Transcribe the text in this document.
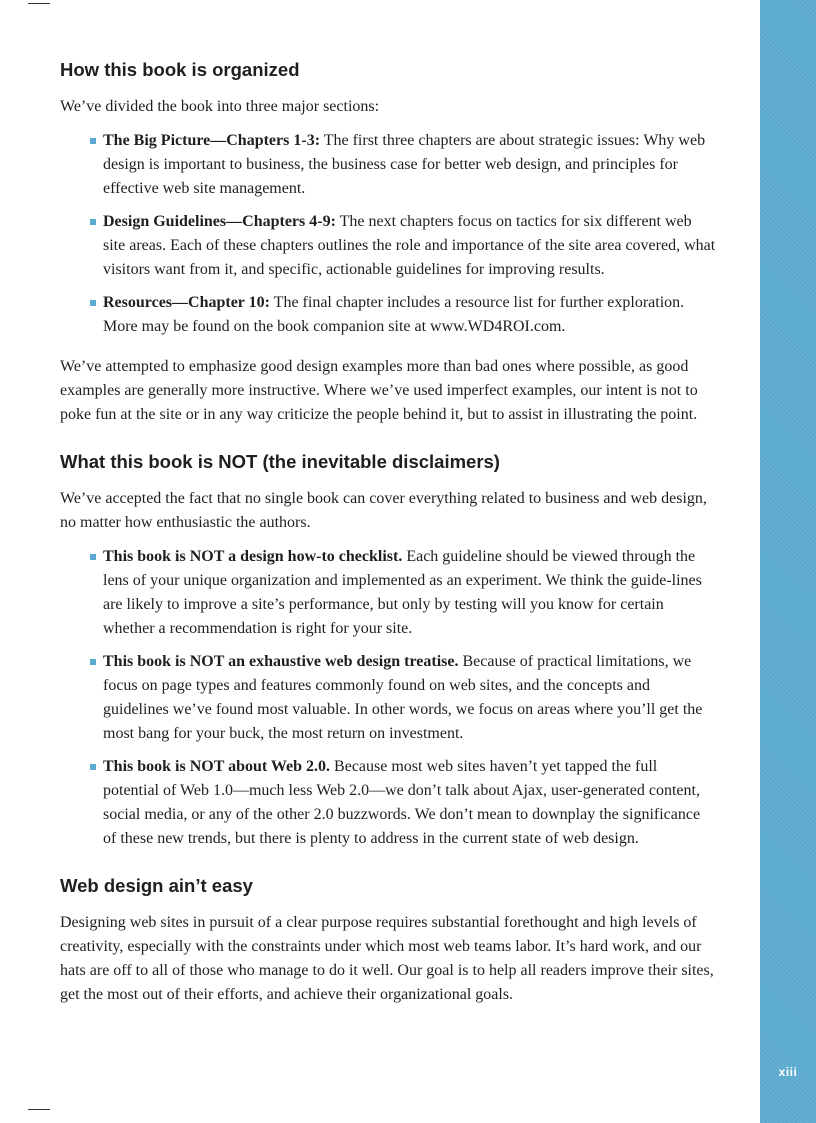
xiii
How this book is organized

We’ve divided the book into three major sections:

The Big Picture—Chapters 1-3: The first three chapters are about strategic issues: Why web design is important to business, the business case for better web design, and principles for effective web site management.
Design Guidelines—Chapters 4-9: The next chapters focus on tactics for six different web site areas. Each of these chapters outlines the role and importance of the site area covered, what visitors want from it, and specific, actionable guidelines for improving results.
Resources—Chapter 10: The final chapter includes a resource list for further exploration. More may be found on the book companion site at www.WD4ROI.com.

We’ve attempted to emphasize good design examples more than bad ones where possible, as good examples are generally more instructive. Where we’ve used imperfect examples, our intent is not to poke fun at the site or in any way criticize the people behind it, but to assist in illustrating the point.

What this book is NOT (the inevitable disclaimers)

We’ve accepted the fact that no single book can cover everything related to business and web design, no matter how enthusiastic the authors.

This book is NOT a design how-to checklist. Each guideline should be viewed through the lens of your unique organization and implemented as an experiment. We think the guide-lines are likely to improve a site’s performance, but only by testing will you know for certain whether a recommendation is right for your site.
This book is NOT an exhaustive web design treatise. Because of practical limitations, we focus on page types and features commonly found on web sites, and the concepts and guidelines we’ve found most valuable. In other words, we focus on areas where you’ll get the most bang for your buck, the most return on investment.
This book is NOT about Web 2.0. Because most web sites haven’t yet tapped the full potential of Web 1.0—much less Web 2.0—we don’t talk about Ajax, user-generated content, social media, or any of the other 2.0 buzzwords. We don’t mean to downplay the significance of these new trends, but there is plenty to address in the current state of web design.
Web design ain’t easy

Designing web sites in pursuit of a clear purpose requires substantial forethought and high levels of creativity, especially with the constraints under which most web teams labor. It’s hard work, and our hats are off to all of those who manage to do it well. Our goal is to help all readers improve their sites, get the most out of their efforts, and achieve their organizational goals.
